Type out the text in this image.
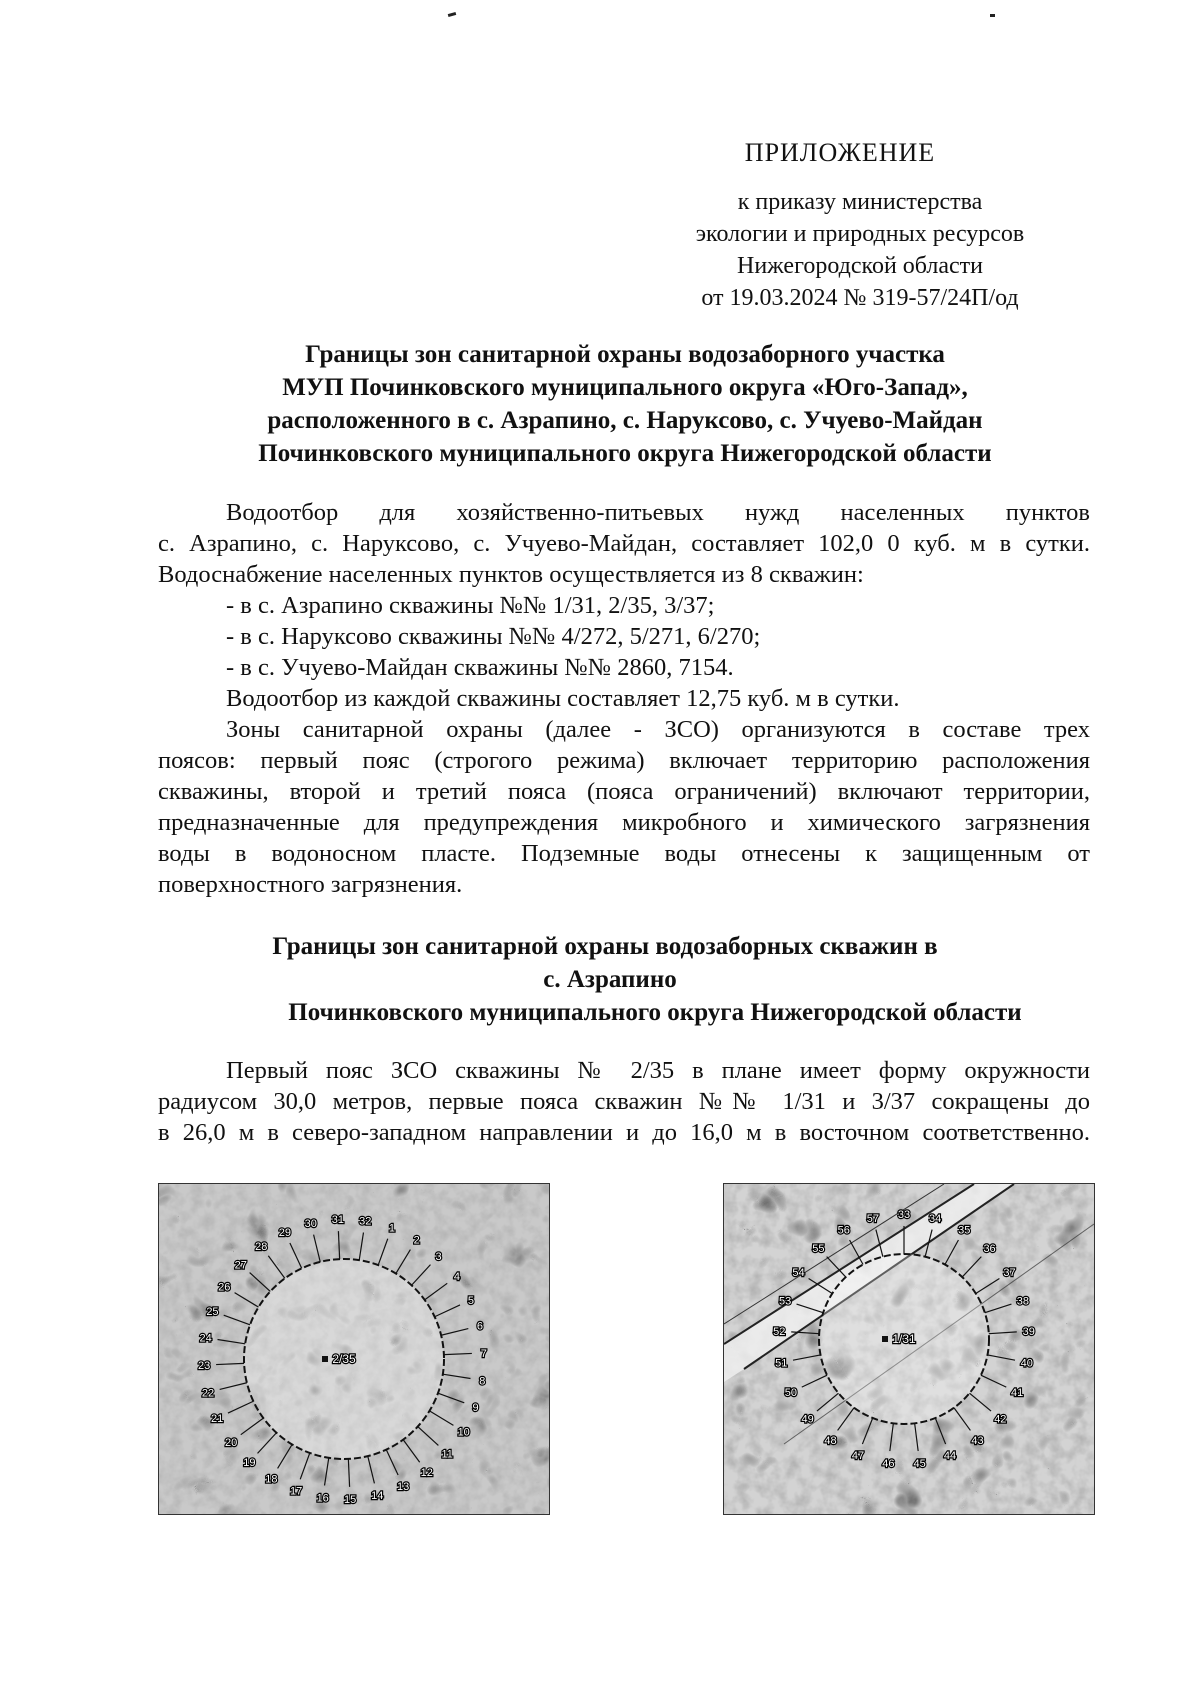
ПРИЛОЖЕНИЕ
к приказу министерства
экологии и природных ресурсов
Нижегородской области
от 19.03.2024 № 319-57/24П/од
Границы зон санитарной охраны водозаборного участка
МУП Починковского муниципального округа «Юго-Запад»,
расположенного в с. Азрапино, с. Наруксово, с. Учуево-Майдан
Починковского муниципального округа Нижегородской области
Водоотбор для хозяйственно-питьевых нужд населенных пунктов
с. Азрапино, с. Наруксово, с. Учуево-Майдан, составляет 102,0 0 куб. м в сутки.
Водоснабжение населенных пунктов осуществляется из 8 скважин:
- в с. Азрапино скважины №№ 1/31, 2/35, 3/37;
- в с. Наруксово скважины №№ 4/272, 5/271, 6/270;
- в с. Учуево-Майдан скважины №№ 2860, 7154.
Водоотбор из каждой скважины составляет 12,75 куб. м в сутки.
Зоны санитарной охраны (далее - ЗСО) организуются в составе трех
поясов: первый пояс (строгого режима) включает территорию расположения
скважины, второй и третий пояса (пояса ограничений) включают территории,
предназначенные для предупреждения микробного и химического загрязнения
воды в водоносном пласте. Подземные воды отнесены к защищенным от
поверхностного загрязнения.
Границы зон санитарной охраны водозаборных скважин в
с. Азрапино
Починковского муниципального округа Нижегородской области
Первый пояс ЗСО скважины № 2/35 в плане имеет форму окружности
радиусом 30,0 метров, первые пояса скважин №№ 1/31 и 3/37 сокращены до
в 26,0 м в северо-западном направлении и до 16,0 м в восточном соответственно.
1
2
3
4
5
6
7
8
9
10
11
12
13
14
15
16
17
18
19
20
21
22
23
24
25
26
27
28
29
30 31 32
2/35
33 34
35
36
37
38
39
40
41
42
43
44
45
46
47
48
49
50
51
52
53
54
55
56
57
1/31
